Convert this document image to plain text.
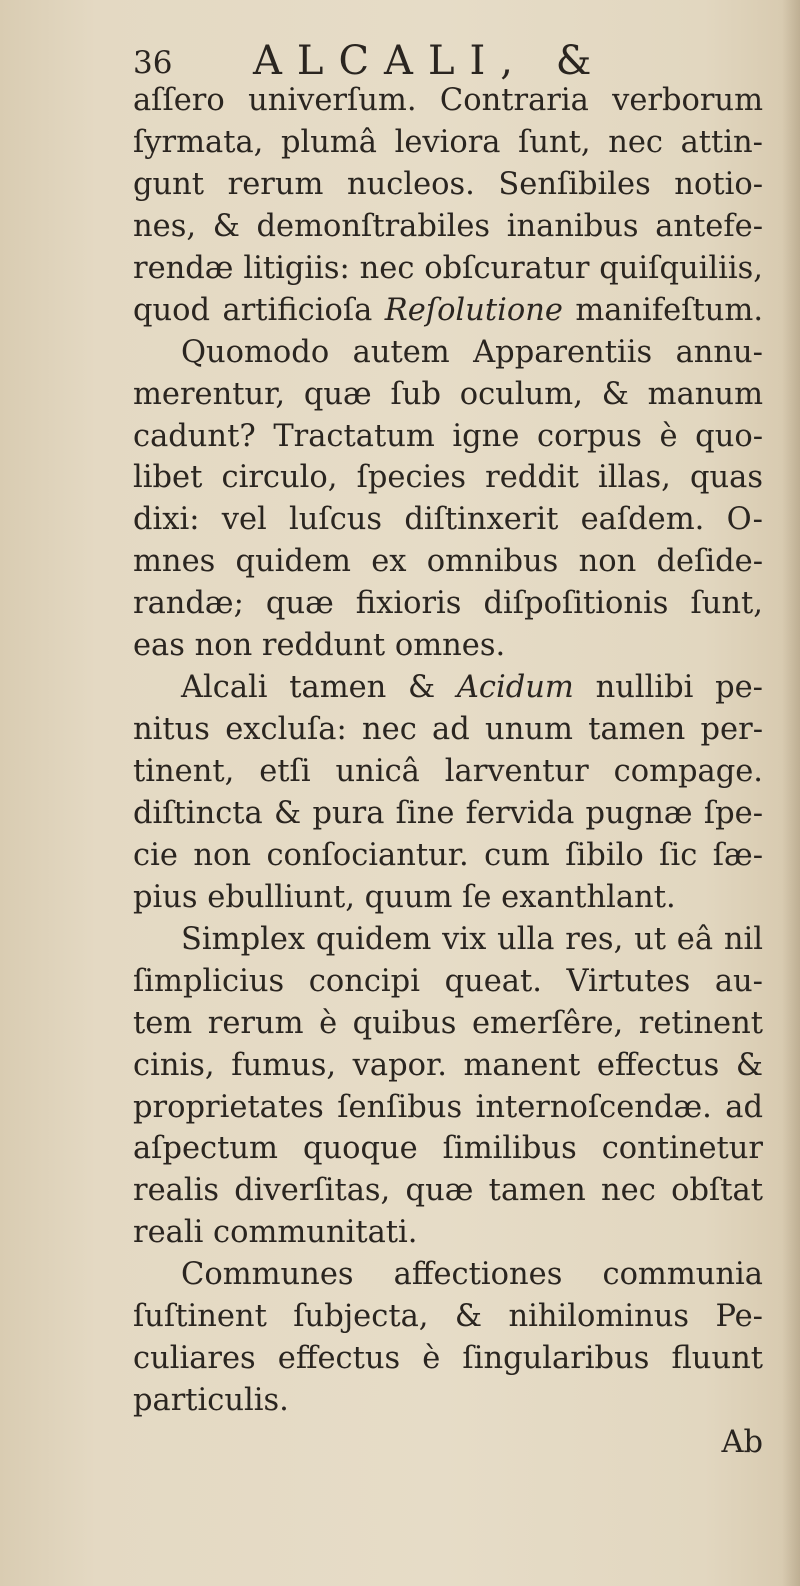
36 ALCALI, &
aſſero univerſum. Contraria verborum
ſyrmata, plumâ leviora ſunt, nec attin-
gunt rerum nucleos. Senſibiles notio-
nes, & demonſtrabiles inanibus antefe-
rendæ litigiis: nec obſcuratur quiſquiliis,
quod artificioſa Reſolutione manifeſtum.
Quomodo autem Apparentiis annu-
merentur, quæ ſub oculum, & manum
cadunt? Tractatum igne corpus è quo-
libet circulo, ſpecies reddit illas, quas
dixi: vel luſcus diſtinxerit eaſdem. O-
mnes quidem ex omnibus non deſide-
randæ; quæ fixioris diſpoſitionis ſunt,
eas non reddunt omnes.
Alcali tamen & Acidum nullibi pe-
nitus excluſa: nec ad unum tamen per-
tinent, etſi unicâ larventur compage.
diſtincta & pura ſine fervida pugnæ ſpe-
cie non conſociantur. cum ſibilo ſic ſæ-
pius ebulliunt, quum ſe exanthlant.
Simplex quidem vix ulla res, ut eâ nil
ſimplicius concipi queat. Virtutes au-
tem rerum è quibus emerſêre, retinent
cinis, fumus, vapor. manent effectus &
proprietates ſenſibus internoſcendæ. ad
aſpectum quoque ſimilibus continetur
realis diverſitas, quæ tamen nec obſtat
reali communitati.
Communes affectiones communia
ſuſtinent ſubjecta, & nihilominus Pe-
culiares effectus è ſingularibus fluunt
particulis.
Ab
